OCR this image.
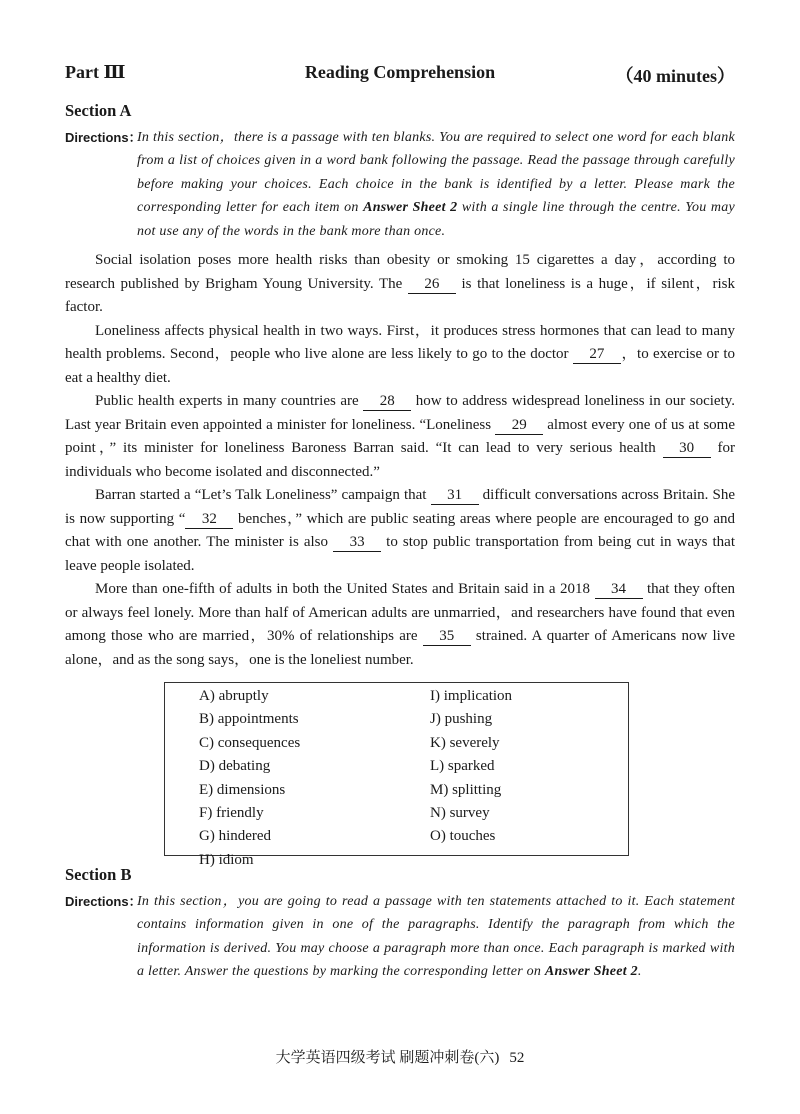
Part Ⅲ	Reading Comprehension	（40 minutes）
Section A
Directions：
In this section，there is a passage with ten blanks. You are required to select one word for each blank from a list of choices given in a word bank following the passage. Read the passage through carefully before making your choices. Each choice in the bank is identified by a letter. Please mark the corresponding letter for each item on Answer Sheet 2 with a single line through the centre. You may not use any of the words in the bank more than once.

Social isolation poses more health risks than obesity or smoking 15 cigarettes a day，according to research published by Brigham Young University. The 26 is that loneliness is a huge，if silent，risk factor.

Loneliness affects physical health in two ways. First，it produces stress hormones that can lead to many health problems. Second，people who live alone are less likely to go to the doctor 27 ，to exercise or to eat a healthy diet.

Public health experts in many countries are 28 how to address widespread loneliness in our society. Last year Britain even appointed a minister for loneliness. “Loneliness 29 almost every one of us at some point，” its minister for loneliness Baroness Barran said. “It can lead to very serious health 30 for individuals who become isolated and disconnected.”

Barran started a “Let’s Talk Loneliness” campaign that 31 difficult conversations across Britain. She is now supporting “ 32 benches，” which are public seating areas where people are encouraged to go and chat with one another. The minister is also 33 to stop public transportation from being cut in ways that leave people isolated.

More than one-fifth of adults in both the United States and Britain said in a 2018 34 that they often or always feel lonely. More than half of American adults are unmarried，and researchers have found that even among those who are married，30% of relationships are 35 strained. A quarter of Americans now live alone，and as the song says，one is the loneliest number.

A) abruptly
B) appointments
C) consequences
D) debating
E) dimensions
F) friendly
G) hindered
H) idiom
I) implication
J) pushing
K) severely
L) sparked
M) splitting
N) survey
O) touches
Section B
Directions：
In this section，you are going to read a passage with ten statements attached to it. Each statement contains information given in one of the paragraphs. Identify the paragraph from which the information is derived. You may choose a paragraph more than once. Each paragraph is marked with a letter. Answer the questions by marking the corresponding letter on Answer Sheet 2.
大学英语四级考试 刷题冲刺卷(六) 52
